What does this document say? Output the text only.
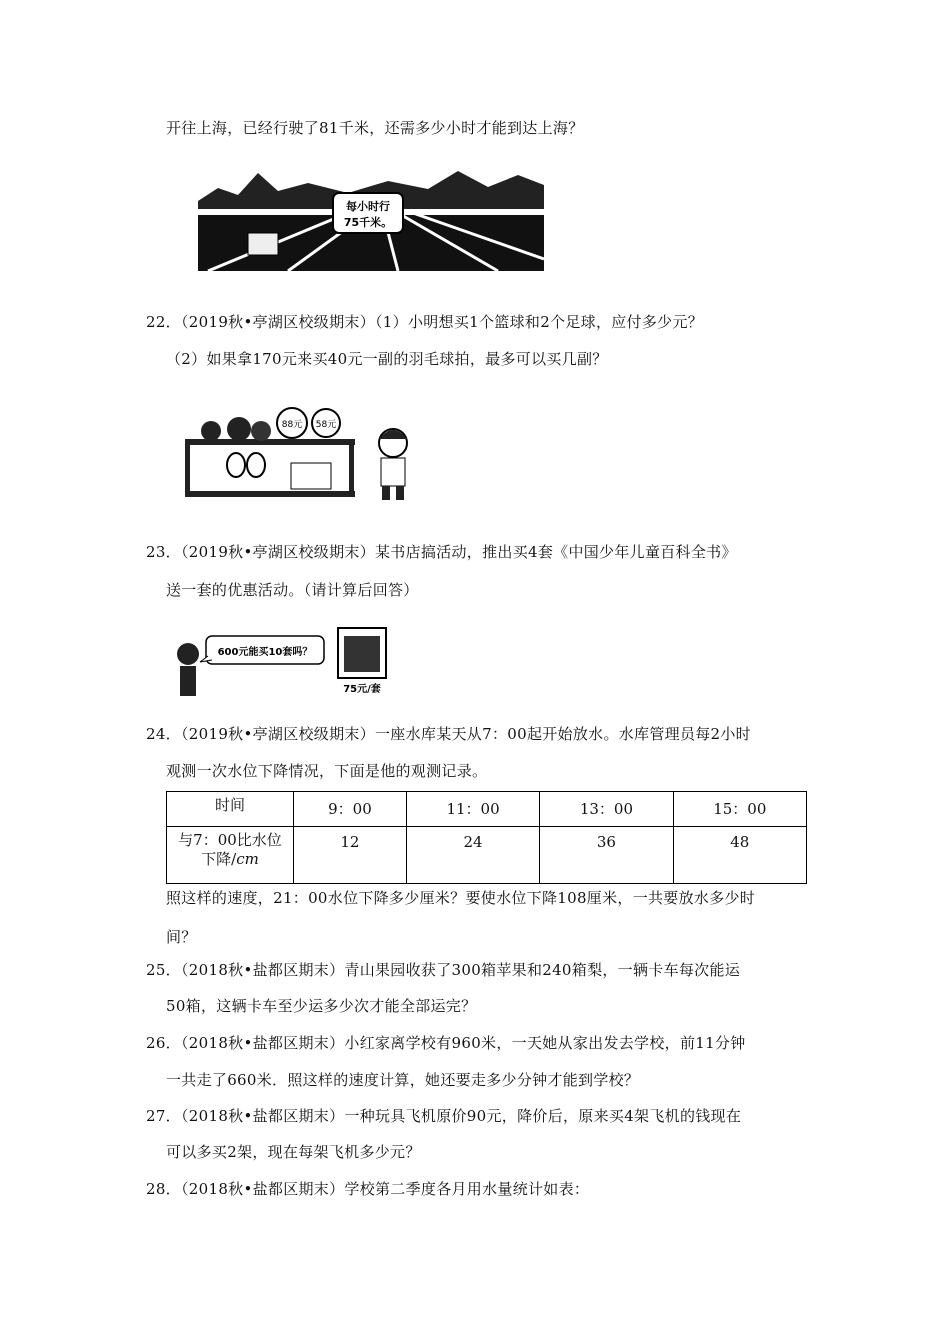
开往上海，已经行驶了81千米，还需多少小时才能到达上海？
每小时行
75千米。
22．（2019秋•亭湖区校级期末）（1）小明想买1个篮球和2个足球，应付多少元？
（2）如果拿170元来买40元一副的羽毛球拍，最多可以买几副？
88元 58元
23．（2019秋•亭湖区校级期末）某书店搞活动，推出买4套《中国少年儿童百科全书》
送一套的优惠活动。（请计算后回答）
600元能买10套吗？
75元/套
24．（2019秋•亭湖区校级期末）一座水库某天从7：00起开始放水。水库管理员每2小时
观测一次水位下降情况，下面是他的观测记录。
时间	9：00	11：00	13：00	15：00
与7：00比水位
下降/cm	12	24	36	48
照这样的速度，21：00水位下降多少厘米？要使水位下降108厘米，一共要放水多少时
间？
25．（2018秋•盐都区期末）青山果园收获了300箱苹果和240箱梨，一辆卡车每次能运
50箱，这辆卡车至少运多少次才能全部运完？
26．（2018秋•盐都区期末）小红家离学校有960米，一天她从家出发去学校，前11分钟
一共走了660米．照这样的速度计算，她还要走多少分钟才能到学校？
27．（2018秋•盐都区期末）一种玩具飞机原价90元，降价后，原来买4架飞机的钱现在
可以多买2架，现在每架飞机多少元？
28．（2018秋•盐都区期末）学校第二季度各月用水量统计如表：
